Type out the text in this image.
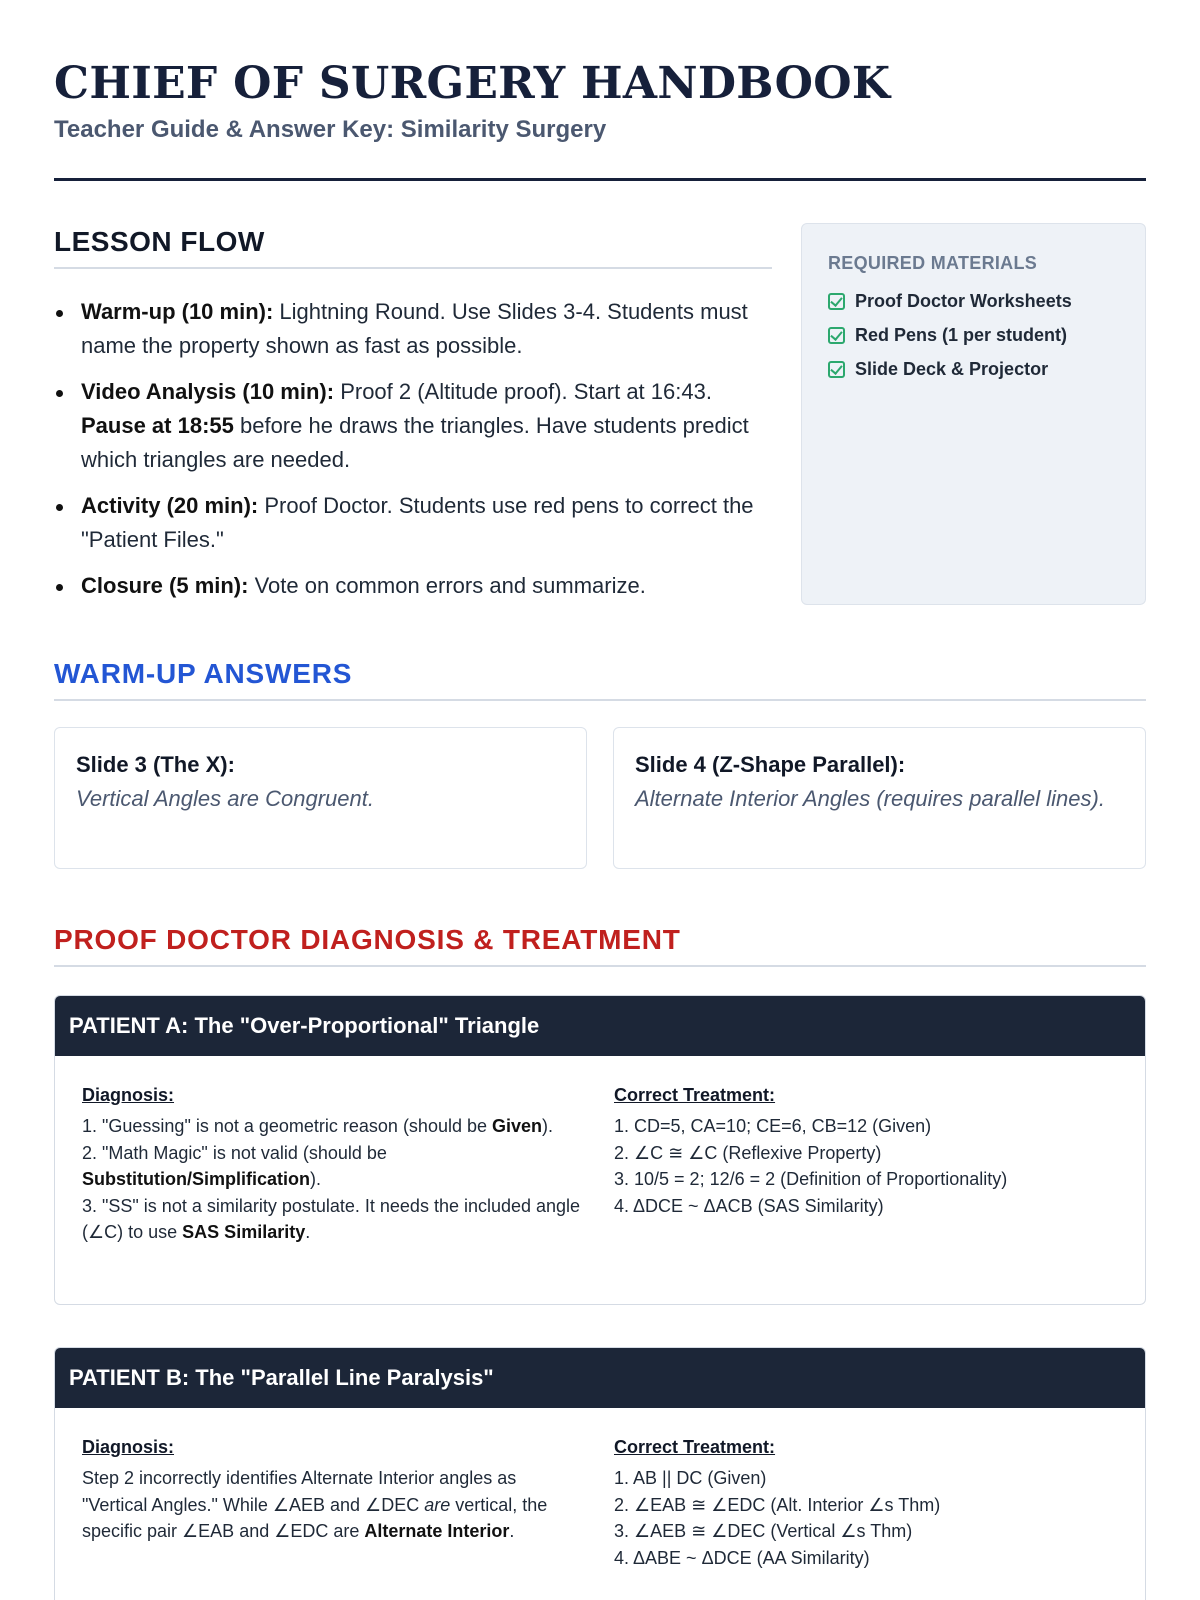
CHIEF OF SURGERY HANDBOOK
Teacher Guide & Answer Key: Similarity Surgery
LESSON FLOW
Warm-up (10 min): Lightning Round. Use Slides 3-4. Students must name the property shown as fast as possible.
Video Analysis (10 min): Proof 2 (Altitude proof). Start at 16:43. Pause at 18:55 before he draws the triangles. Have students predict which triangles are needed.
Activity (20 min): Proof Doctor. Students use red pens to correct the "Patient Files."
Closure (5 min): Vote on common errors and summarize.
REQUIRED MATERIALS
Proof Doctor Worksheets
Red Pens (1 per student)
Slide Deck & Projector
WARM-UP ANSWERS
Slide 3 (The X):
Vertical Angles are Congruent.
Slide 4 (Z-Shape Parallel):
Alternate Interior Angles (requires parallel lines).
PROOF DOCTOR DIAGNOSIS & TREATMENT
PATIENT A: The "Over-Proportional" Triangle
Diagnosis:
1. "Guessing" is not a geometric reason (should be Given).
2. "Math Magic" is not valid (should be Substitution/Simplification).
3. "SS" is not a similarity postulate. It needs the included angle (∠C) to use SAS Similarity.
Correct Treatment:
1. CD=5, CA=10; CE=6, CB=12 (Given)
2. ∠C ≅ ∠C (Reflexive Property)
3. 10/5 = 2; 12/6 = 2 (Definition of Proportionality)
4. ΔDCE ~ ΔACB (SAS Similarity)
PATIENT B: The "Parallel Line Paralysis"
Diagnosis:
Step 2 incorrectly identifies Alternate Interior angles as "Vertical Angles." While ∠AEB and ∠DEC are vertical, the specific pair ∠EAB and ∠EDC are Alternate Interior.
Correct Treatment:
1. AB || DC (Given)
2. ∠EAB ≅ ∠EDC (Alt. Interior ∠s Thm)
3. ∠AEB ≅ ∠DEC (Vertical ∠s Thm)
4. ΔABE ~ ΔDCE (AA Similarity)
